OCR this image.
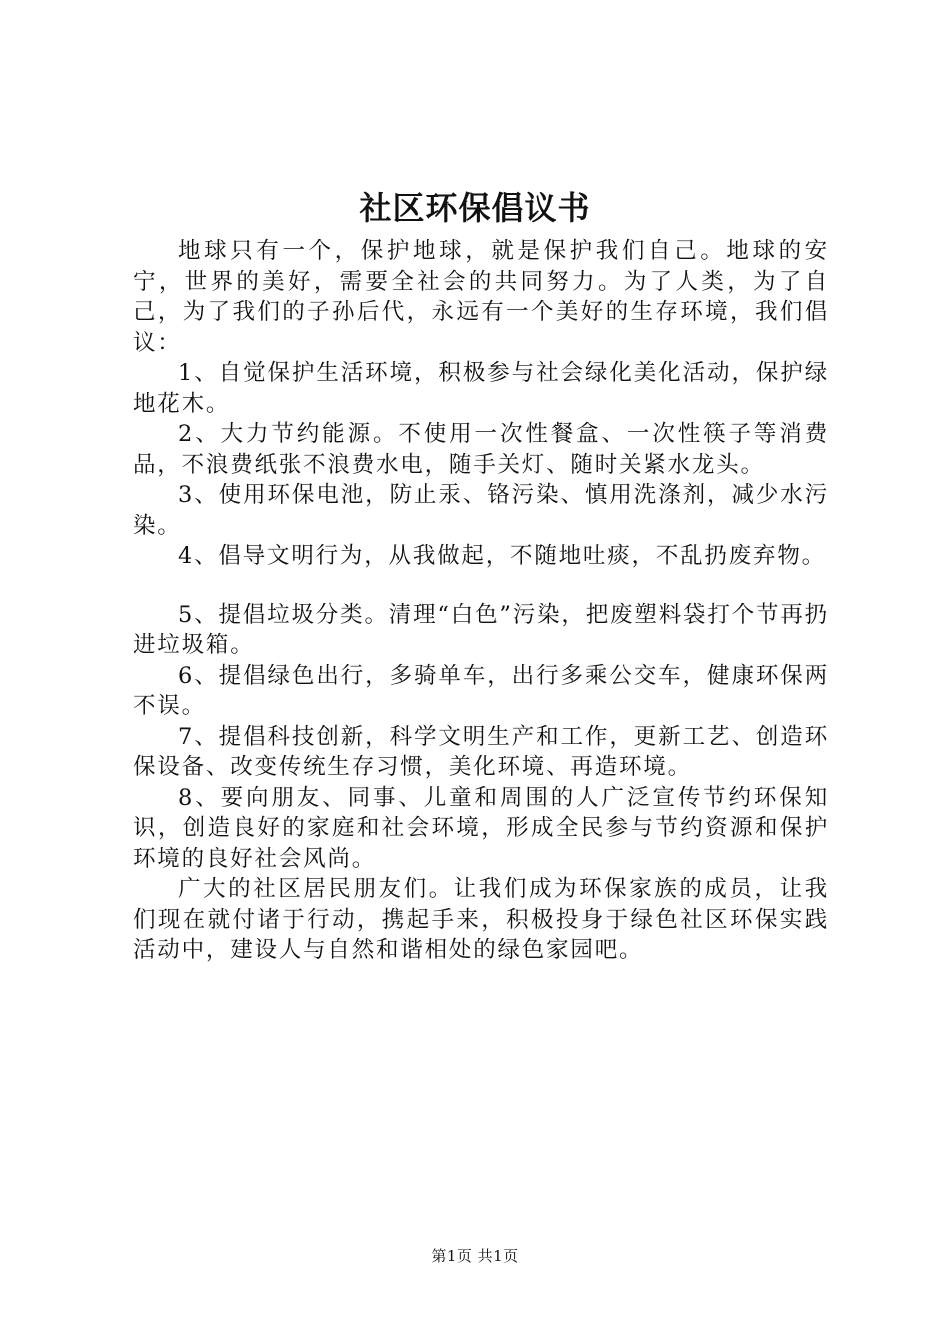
社区环保倡议书

地球只有一个，保护地球，就是保护我们自己。地球的安宁，世界的美好，需要全社会的共同努力。为了人类，为了自己，为了我们的子孙后代，永远有一个美好的生存环境，我们倡议：

1、自觉保护生活环境，积极参与社会绿化美化活动，保护绿地花木。

2、大力节约能源。不使用一次性餐盒、一次性筷子等消费品，不浪费纸张不浪费水电，随手关灯、随时关紧水龙头。

3、使用环保电池，防止汞、铬污染、慎用洗涤剂，减少水污染。

4、倡导文明行为，从我做起，不随地吐痰，不乱扔废弃物。

5、提倡垃圾分类。清理“白色”污染，把废塑料袋打个节再扔进垃圾箱。

6、提倡绿色出行，多骑单车，出行多乘公交车，健康环保两不误。

7、提倡科技创新，科学文明生产和工作，更新工艺、创造环保设备、改变传统生存习惯，美化环境、再造环境。

8、要向朋友、同事、儿童和周围的人广泛宣传节约环保知识，创造良好的家庭和社会环境，形成全民参与节约资源和保护环境的良好社会风尚。

广大的社区居民朋友们。让我们成为环保家族的成员，让我们现在就付诸于行动，携起手来，积极投身于绿色社区环保实践活动中，建设人与自然和谐相处的绿色家园吧。

第1页 共1页
